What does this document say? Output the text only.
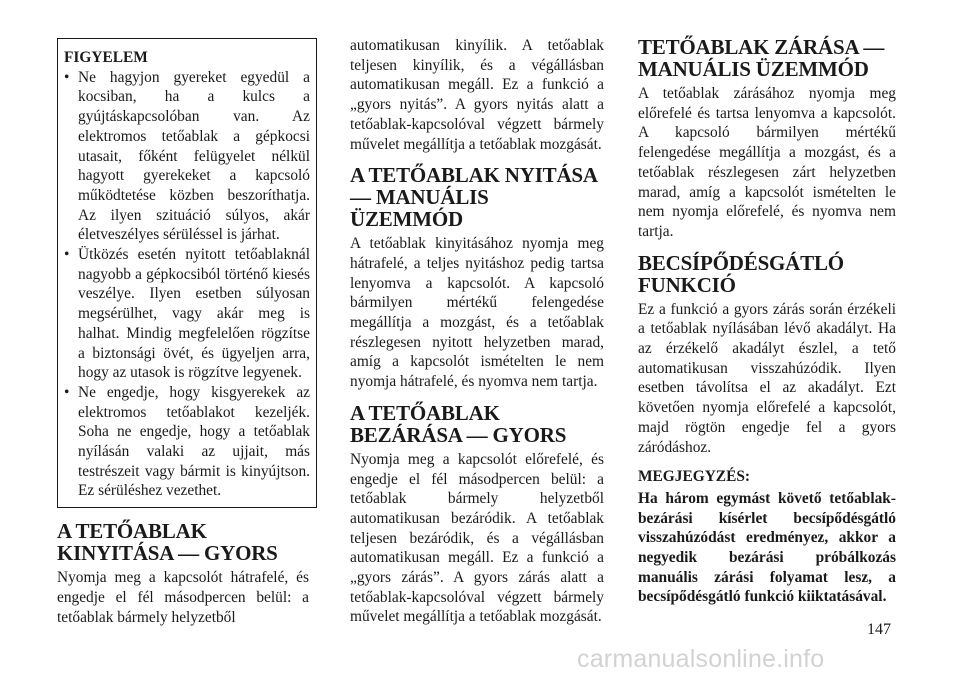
FIGYELEM
• Ne hagyjon gyereket egyedül a kocsiban, ha a kulcs a gyújtáskapcsolóban van. Az elektromos tetőablak a gépkocsi utasait, főként felügyelet nélkül hagyott gyerekeket a kapcsoló működtetése közben beszoríthatja. Az ilyen szituáció súlyos, akár életveszélyes sérüléssel is járhat.
• Ütközés esetén nyitott tetőablaknál nagyobb a gépkocsiból történő kiesés veszélye. Ilyen esetben súlyosan megsérülhet, vagy akár meg is halhat. Mindig megfelelően rögzítse a biztonsági övét, és ügyeljen arra, hogy az utasok is rögzítve legyenek.
• Ne engedje, hogy kisgyerekek az elektromos tetőablakot kezeljék. Soha ne engedje, hogy a tetőablak nyílásán valaki az ujjait, más testrészeit vagy bármit is kinyújtson. Ez sérüléshez vezethet.
A TETŐABLAK KINYITÁSA — GYORS

Nyomja meg a kapcsolót hátrafelé, és engedje el fél másodpercen belül: a tetőablak bármely helyzetből

automatikusan kinyílik. A tetőablak teljesen kinyílik, és a végállásban automatikusan megáll. Ez a funkció a „gyors nyitás”. A gyors nyitás alatt a tetőablak-kapcsolóval végzett bármely művelet megállítja a tetőablak mozgását.

A TETŐABLAK NYITÁSA — MANUÁLIS ÜZEMMÓD

A tetőablak kinyitásához nyomja meg hátrafelé, a teljes nyitáshoz pedig tartsa lenyomva a kapcsolót. A kapcsoló bármilyen mértékű felengedése megállítja a mozgást, és a tetőablak részlegesen nyitott helyzetben marad, amíg a kapcsolót ismételten le nem nyomja hátrafelé, és nyomva nem tartja.

A TETŐABLAK BEZÁRÁSA — GYORS

Nyomja meg a kapcsolót előrefelé, és engedje el fél másodpercen belül: a tetőablak bármely helyzetből automatikusan bezáródik. A tetőablak teljesen bezáródik, és a végállásban automatikusan megáll. Ez a funkció a „gyors zárás”. A gyors zárás alatt a tetőablak-kapcsolóval végzett bármely művelet megállítja a tetőablak mozgását.

TETŐABLAK ZÁRÁSA — MANUÁLIS ÜZEMMÓD

A tetőablak zárásához nyomja meg előrefelé és tartsa lenyomva a kapcsolót. A kapcsoló bármilyen mértékű felengedése megállítja a mozgást, és a tetőablak részlegesen zárt helyzetben marad, amíg a kapcsolót ismételten le nem nyomja előrefelé, és nyomva nem tartja.

BECSÍPŐDÉSGÁTLÓ FUNKCIÓ

Ez a funkció a gyors zárás során érzékeli a tetőablak nyílásában lévő akadályt. Ha az érzékelő akadályt észlel, a tető automatikusan visszahúzódik. Ilyen esetben távolítsa el az akadályt. Ezt követően nyomja előrefelé a kapcsolót, majd rögtön engedje fel a gyors záródáshoz.

MEGJEGYZÉS:

Ha három egymást követő tetőablak-bezárási kísérlet becsípődésgátló visszahúzódást eredményez, akkor a negyedik bezárási próbálkozás manuális zárási folyamat lesz, a becsípődésgátló funkció kiiktatásával.

147
carmanualsonline.info
